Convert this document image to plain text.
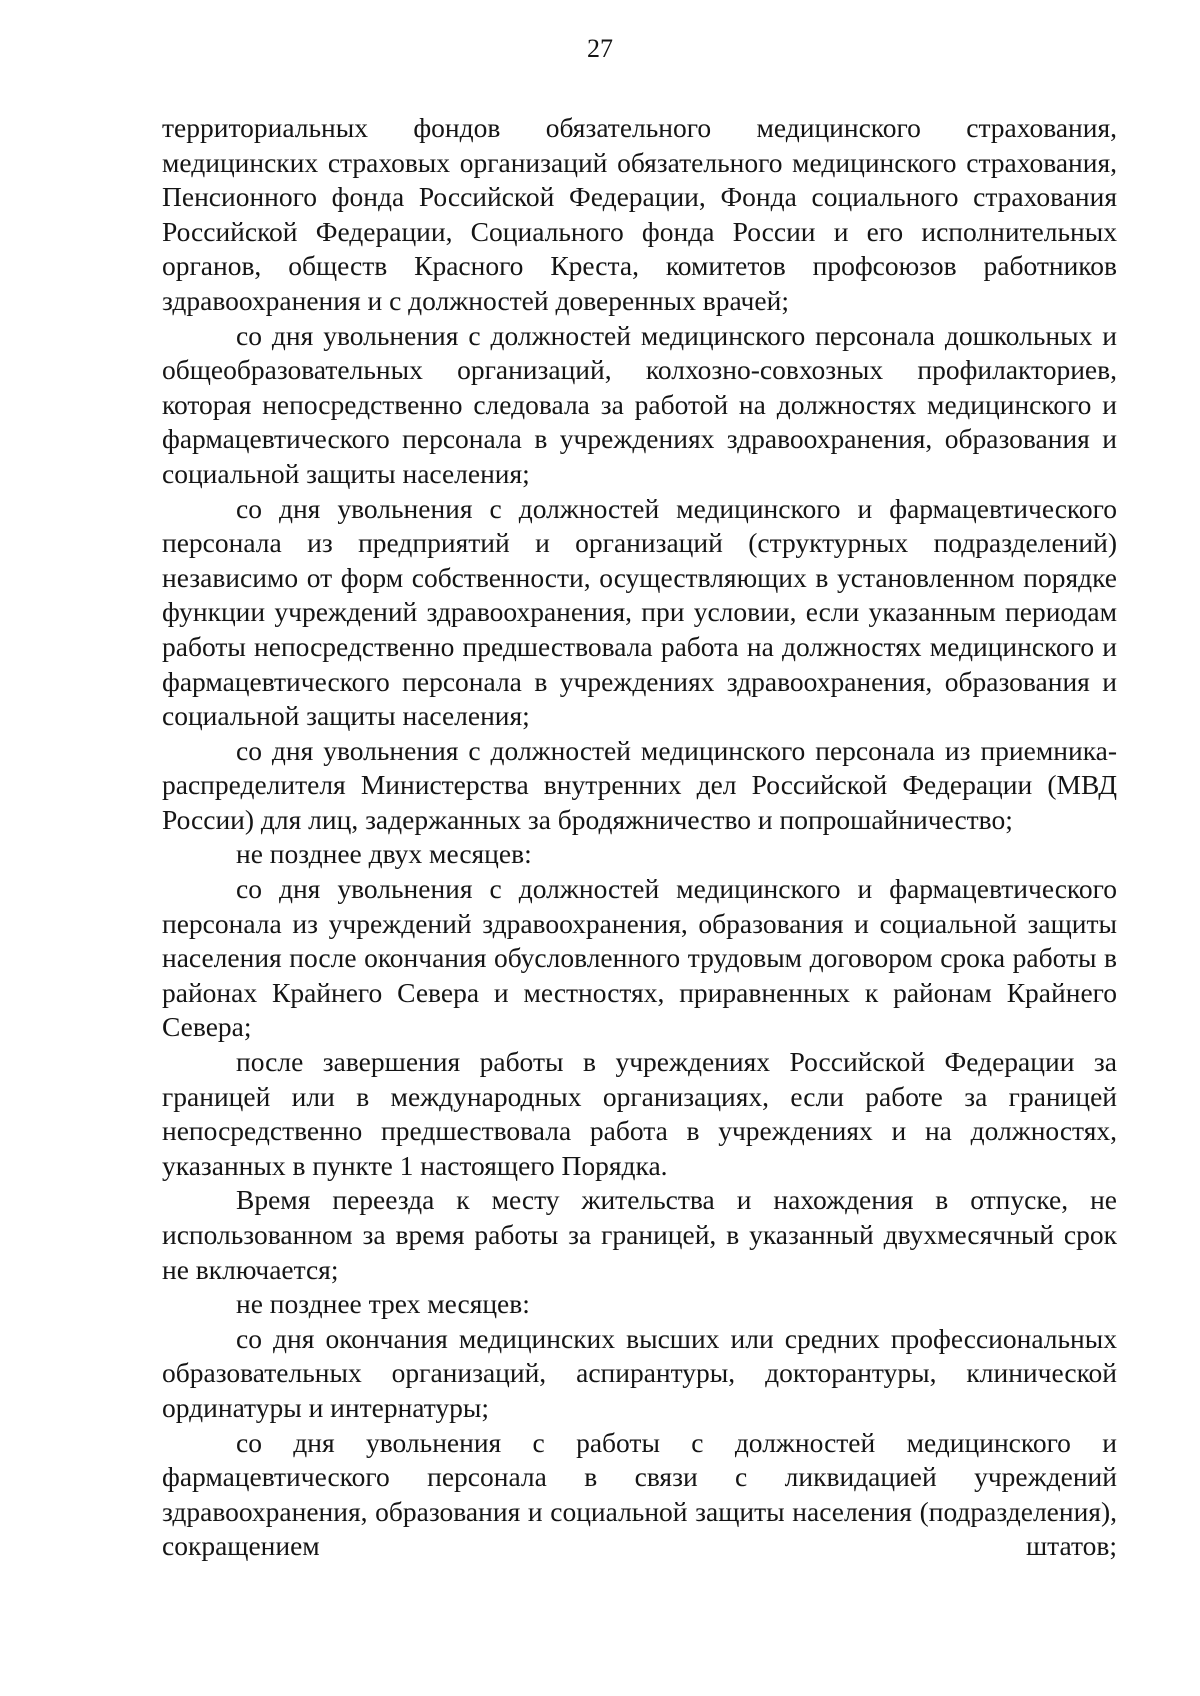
27

территориальных фондов обязательного медицинского страхования, медицинских страховых организаций обязательного медицинского страхования, Пенсионного фонда Российской Федерации, Фонда социального страхования Российской Федерации, Социального фонда России и его исполнительных органов, обществ Красного Креста, комитетов профсоюзов работников здравоохранения и с должностей доверенных врачей;

со дня увольнения с должностей медицинского персонала дошкольных и общеобразовательных организаций, колхозно-совхозных профилакториев, которая непосредственно следовала за работой на должностях медицинского и фармацевтического персонала в учреждениях здравоохранения, образования и социальной защиты населения;

со дня увольнения с должностей медицинского и фармацевтического персонала из предприятий и организаций (структурных подразделений) независимо от форм собственности, осуществляющих в установленном порядке функции учреждений здравоохранения, при условии, если указанным периодам работы непосредственно предшествовала работа на должностях медицинского и фармацевтического персонала в учреждениях здравоохранения, образования и социальной защиты населения;

со дня увольнения с должностей медицинского персонала из приемника-распределителя Министерства внутренних дел Российской Федерации (МВД России) для лиц, задержанных за бродяжничество и попрошайничество;

не позднее двух месяцев:

со дня увольнения с должностей медицинского и фармацевтического персонала из учреждений здравоохранения, образования и социальной защиты населения после окончания обусловленного трудовым договором срока работы в районах Крайнего Севера и местностях, приравненных к районам Крайнего Севера;

после завершения работы в учреждениях Российской Федерации за границей или в международных организациях, если работе за границей непосредственно предшествовала работа в учреждениях и на должностях, указанных в пункте 1 настоящего Порядка.

Время переезда к месту жительства и нахождения в отпуске, не использованном за время работы за границей, в указанный двухмесячный срок не включается;

не позднее трех месяцев:

со дня окончания медицинских высших или средних профессиональных образовательных организаций, аспирантуры, докторантуры, клинической ординатуры и интернатуры;

со дня увольнения с работы с должностей медицинского и фармацевтического персонала в связи с ликвидацией учреждений здравоохранения, образования и социальной защиты населения (подразделения), сокращением штатов;
